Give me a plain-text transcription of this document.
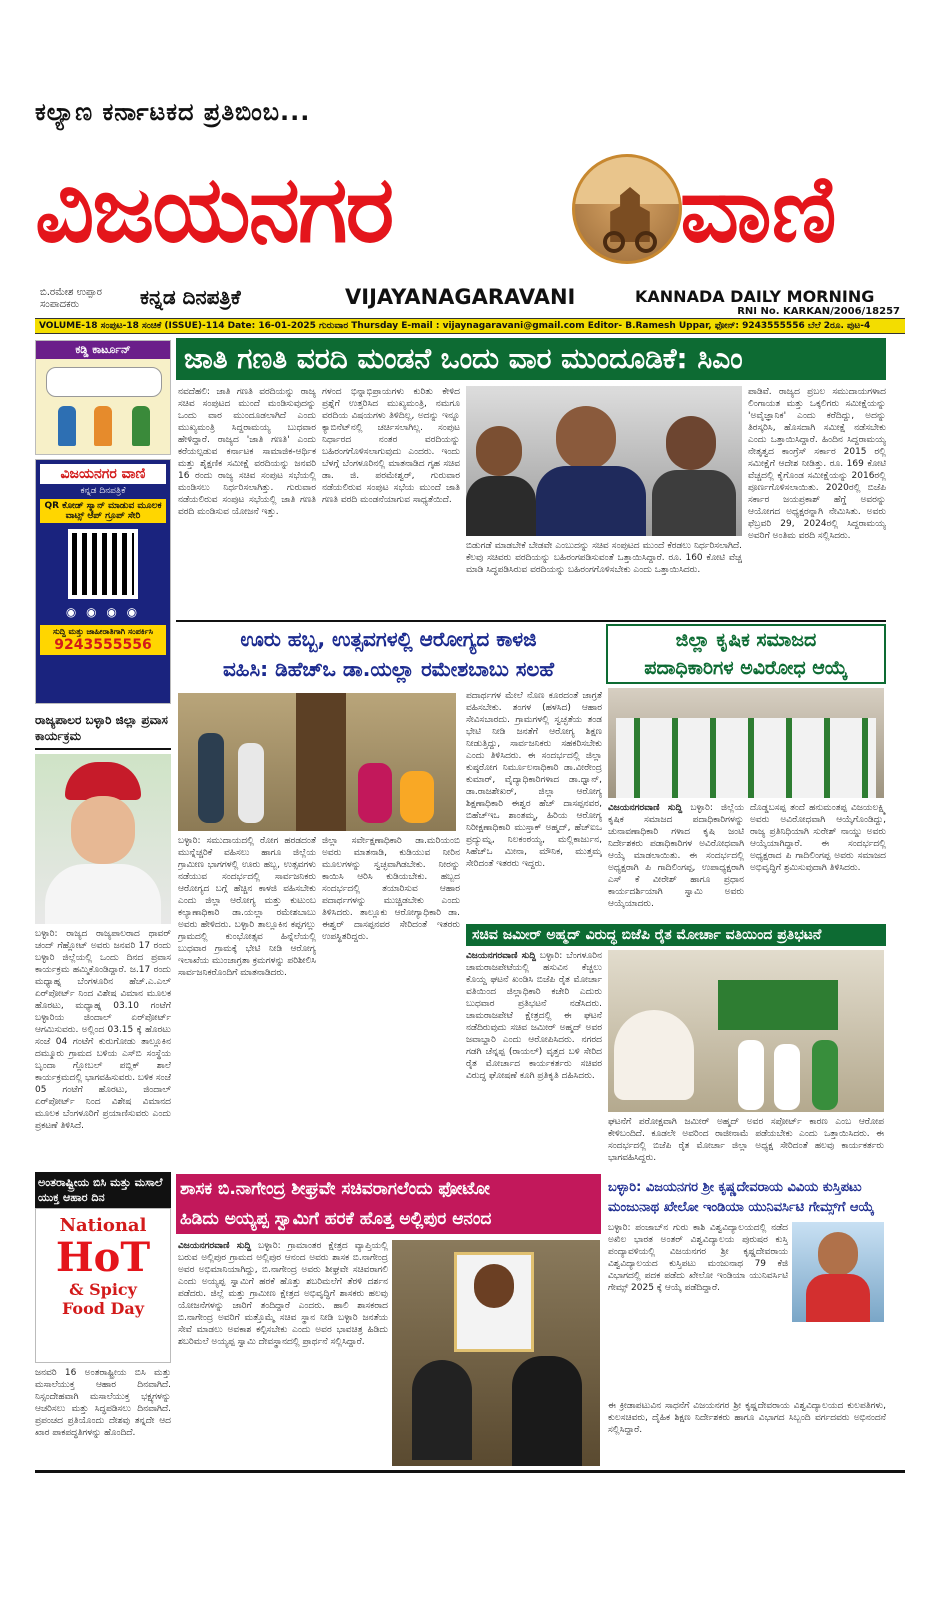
ಕಲ್ಯಾಣ ಕರ್ನಾಟಕದ ಪ್ರತಿಬಿಂಬ...
ವಿಜಯನಗರ	ವಾಣಿ
ಬಿ.ರಮೇಶ ಉಪ್ಪಾರ ಸಂಪಾದಕರು	ಕನ್ನಡ ದಿನಪತ್ರಿಕೆ	VIJAYANAGARAVANI	KANNADA DAILY MORNING
RNI No. KARKAN/2006/18257
VOLUME-18 ಸಂಪುಟ-18 ಸಂಚಿಕೆ (ISSUE)-114 Date: 16-01-2025 ಗುರುವಾರ Thursday E-mail : vijaynagaravani@gmail.com Editor- B.Ramesh Uppar, ಫೋನ್: 9243555556 ಬೆಲೆ 2ರೂ. ಪುಟ-4
ಕಡ್ಡಿ ಕಾರ್ಟೂನ್
ವಿಜಯನಗರ ವಾಣಿ
ಕನ್ನಡ ದಿನಪತ್ರಿಕೆ
QR ಕೋಡ್ ಸ್ಕ್ಯಾನ್ ಮಾಡುವ ಮೂಲಕ ವಾಟ್ಸ್ ಆಪ್ ಗ್ರೂಪ್ ಸೇರಿ
◉ ◉ ◉ ◉
ಸುದ್ದಿ ಮತ್ತು ಜಾಹೀರಾತಿಗಾಗಿ ಸಂಪರ್ಕಿಸಿ
9243555556
ರಾಜ್ಯಪಾಲರ ಬಳ್ಳಾರಿ ಜಿಲ್ಲಾ ಪ್ರವಾಸ ಕಾರ್ಯಕ್ರಮ
ಬಳ್ಳಾರಿ: ರಾಜ್ಯದ ರಾಜ್ಯಪಾಲರಾದ ಥಾವರ್ ಚಂದ್ ಗೆಹ್ಲೋಟ್ ಅವರು ಜನವರಿ 17 ರಂದು ಬಳ್ಳಾರಿ ಜಿಲ್ಲೆಯಲ್ಲಿ ಒಂದು ದಿನದ ಪ್ರವಾಸ ಕಾರ್ಯಕ್ರಮ ಹಮ್ಮಿಕೊಂಡಿದ್ದಾರೆ. ಜ.17 ರಂದು ಮಧ್ಯಾಹ್ನ ಬೆಂಗಳೂರಿನ ಹೆಚ್.ಎ.ಎಲ್ ಏರ್‌ಪೋರ್ಟ್ ನಿಂದ ವಿಶೇಷ ವಿಮಾನ ಮೂಲಕ ಹೊರಟು, ಮಧ್ಯಾಹ್ನ 03.10 ಗಂಟೆಗೆ ಬಳ್ಳಾರಿಯ ಜಿಂದಾಲ್ ಏರ್‌ಪೋರ್ಟ್ ಆಗಮಿಸುವರು. ಅಲ್ಲಿಂದ 03.15 ಕ್ಕೆ ಹೊರಟು ಸಂಜೆ 04 ಗಂಟೆಗೆ ಕುರುಗೋಡು ತಾಲ್ಲೂಕಿನ ದಮ್ಮೂರು ಗ್ರಾಮದ ಬಳಿಯ ಎಸ್‌ಬಿ ಸಂಸ್ಥೆಯ ಬೃಂದಾ ಗ್ಲೋಬಲ್ ಪಬ್ಲಿಕ್ ಶಾಲೆ ಕಾರ್ಯಕ್ರಮದಲ್ಲಿ ಭಾಗವಹಿಸುವರು. ಬಳಿಕ ಸಂಜೆ 05 ಗಂಟೆಗೆ ಹೊರಟು, ಜಿಂದಾಲ್ ಏರ್‌ಪೋರ್ಟ್ ನಿಂದ ವಿಶೇಷ ವಿಮಾನದ ಮೂಲಕ ಬೆಂಗಳೂರಿಗೆ ಪ್ರಯಾಣಿಸುವರು ಎಂದು ಪ್ರಕಟಣೆ ತಿಳಿಸಿದೆ.
ಅಂತರಾಷ್ಟ್ರೀಯ ಬಿಸಿ ಮತ್ತು ಮಸಾಲೆ ಯುಕ್ತ ಆಹಾರ ದಿನ
National
HoT
& Spicy
Food Day
ಜನವರಿ 16 ಅಂತರಾಷ್ಟ್ರೀಯ ಬಿಸಿ ಮತ್ತು ಮಸಾಲೆಯುಕ್ತ ಆಹಾರ ದಿನವಾಗಿದೆ. ನಿಸ್ಸಂದೇಹವಾಗಿ ಮಸಾಲೆಯುಕ್ತ ಭಕ್ಷ್ಯಗಳನ್ನು ಆಚರಿಸಲು ಮತ್ತು ಸಿದ್ಧಪಡಿಸಲು ದಿನವಾಗಿದೆ. ಪ್ರಪಂಚದ ಪ್ರತಿಯೊಂದು ದೇಶವು ತನ್ನದೇ ಆದ ಖಾರ ಪಾಕಪದ್ಧತಿಗಳನ್ನು ಹೊಂದಿದೆ.
ಜಾತಿ ಗಣತಿ ವರದಿ ಮಂಡನೆ ಒಂದು ವಾರ ಮುಂದೂಡಿಕೆ: ಸಿಎಂ
ನವದೆಹಲಿ: ಜಾತಿ ಗಣತಿ ವರದಿಯನ್ನು ರಾಜ್ಯ ಸಚಿವ ಸಂಪುಟದ ಮುಂದೆ ಮಂಡಿಸುವುದನ್ನು ಒಂದು ವಾರ ಮುಂದೂಡಲಾಗಿದೆ ಎಂದು ಮುಖ್ಯಮಂತ್ರಿ ಸಿದ್ದರಾಮಯ್ಯ ಬುಧವಾರ ಹೇಳಿದ್ದಾರೆ. ರಾಜ್ಯದ 'ಜಾತಿ ಗಣತಿ' ಎಂದು ಕರೆಯಲ್ಪಡುವ ಕರ್ನಾಟಕ ಸಾಮಾಜಿಕ-ಆರ್ಥಿಕ ಮತ್ತು ಶೈಕ್ಷಣಿಕ ಸಮೀಕ್ಷೆ ವರದಿಯನ್ನು ಜನವರಿ 16 ರಂದು ರಾಜ್ಯ ಸಚಿವ ಸಂಪುಟ ಸಭೆಯಲ್ಲಿ ಮಂಡಿಸಲು ನಿರ್ಧರಿಸಲಾಗಿತ್ತು. ಗುರುವಾರ ನಡೆಯಲಿರುವ ಸಂಪುಟ ಸಭೆಯಲ್ಲಿ ಜಾತಿ ಗಣತಿ ವರದಿ ಮಂಡಿಸುವ ಯೋಜನೆ ಇತ್ತು.
ಗಳಂದ ಭಿನ್ನಾಭಿಪ್ರಾಯಗಳು ಕುರಿತು ಕೇಳಿದ ಪ್ರಶ್ನೆಗೆ ಉತ್ತರಿಸಿದ ಮುಖ್ಯಮಂತ್ರಿ, ನಮಗೂ ವರದಿಯ ವಿಷಯಗಳು ತಿಳಿದಿಲ್ಲ, ಅದನ್ನು ಇನ್ನೂ ಕ್ಯಾಬಿನೆಟ್‌ನಲ್ಲಿ ಚರ್ಚಿಸಲಾಗಿಲ್ಲ. ಸಂಪುಟ ನಿರ್ಧಾರದ ನಂತರ ವರದಿಯನ್ನು ಬಹಿರಂಗಗೊಳಿಸಲಾಗುವುದು ಎಂದರು. ಇಂದು ಬೆಳಗ್ಗೆ ಬೆಂಗಳೂರಿನಲ್ಲಿ ಮಾತನಾಡಿದ ಗೃಹ ಸಚಿವ ಡಾ. ಜಿ. ಪರಮೇಶ್ವರ್, ಗುರುವಾರ ನಡೆಯಲಿರುವ ಸಂಪುಟ ಸಭೆಯ ಮುಂದೆ ಜಾತಿ ಗಣತಿ ವರದಿ ಮಂಡನೆಯಾಗುವ ಸಾಧ್ಯತೆಯಿದೆ.
ಬಿಡುಗಡೆ ಮಾಡಬೇಕೆ ಬೇಡವೇ ಎಂಬುದನ್ನು ಸಚಿವ ಸಂಪುಟದ ಮುಂದೆ ಕೆರಡಲು ನಿರ್ಧರಿಸಲಾಗಿದೆ. ಕೆಲವು ಸಚಿವರು ವರದಿಯನ್ನು ಬಹಿರಂಗಪಡಿಸುವಂತೆ ಒತ್ತಾಯಿಸಿದ್ದಾರೆ. ರೂ. 160 ಕೋಟಿ ವೆಚ್ಚ ಮಾಡಿ ಸಿದ್ಧಪಡಿಸಿರುವ ವರದಿಯನ್ನು ಬಹಿರಂಗಗೊಳಿಸಬೇಕು ಎಂದು ಒತ್ತಾಯಿಸಿದರು.
ಪಾಡಿವೆ. ರಾಜ್ಯದ ಪ್ರಬಲ ಸಮುದಾಯಗಳಾದ ಲಿಂಗಾಯತ ಮತ್ತು ಒಕ್ಕಲಿಗರು ಸಮೀಕ್ಷೆಯನ್ನು 'ಅವೈಜ್ಞಾನಿಕ' ಎಂದು ಕರೆದಿದ್ದು, ಅದನ್ನು ತಿರಸ್ಕರಿಸಿ, ಹೊಸದಾಗಿ ಸಮೀಕ್ಷೆ ನಡೆಸಬೇಕು ಎಂದು ಒತ್ತಾಯಿಸಿದ್ದಾರೆ. ಹಿಂದಿನ ಸಿದ್ದರಾಮಯ್ಯ ನೇತೃತ್ವದ ಕಾಂಗ್ರೆಸ್ ಸರ್ಕಾರ 2015 ರಲ್ಲಿ ಸಮೀಕ್ಷೆಗೆ ಆದೇಶ ನೀಡಿತ್ತು. ರೂ. 169 ಕೋಟಿ ವೆಚ್ಚದಲ್ಲಿ ಕೈಗೊಂಡ ಸಮೀಕ್ಷೆಯನ್ನು 2016ರಲ್ಲಿ ಪೂರ್ಣಗೊಳಿಸಲಾಯಿತು. 2020ರಲ್ಲಿ ಬಿಜೆಪಿ ಸರ್ಕಾರ ಜಯಪ್ರಕಾಶ್ ಹೆಗ್ಡೆ ಅವರನ್ನು ಆಯೋಗದ ಅಧ್ಯಕ್ಷರನ್ನಾಗಿ ನೇಮಿಸಿತು. ಅವರು ಫೆಬ್ರವರಿ 29, 2024ರಲ್ಲಿ ಸಿದ್ದರಾಮಯ್ಯ ಅವರಿಗೆ ಅಂತಿಮ ವರದಿ ಸಲ್ಲಿಸಿದರು.
ಊರು ಹಬ್ಬ, ಉತ್ಸವಗಳಲ್ಲಿ ಆರೋಗ್ಯದ ಕಾಳಜಿ
ವಹಿಸಿ: ಡಿಹೆಚ್‌ಒ ಡಾ.ಯಲ್ಲಾ ರಮೇಶಬಾಬು ಸಲಹೆ
ಬಳ್ಳಾರಿ: ಸಮುದಾಯದಲ್ಲಿ ರೋಗ ಹರಡದಂತೆ ಮುನ್ನೆಚ್ಚರಿಕೆ ವಹಿಸಲು ಹಾಗೂ ಜಿಲ್ಲೆಯ ಗ್ರಾಮೀಣ ಭಾಗಗಳಲ್ಲಿ ಊರು ಹಬ್ಬ, ಉತ್ಸವಗಳು ನಡೆಯುವ ಸಂದರ್ಭದಲ್ಲಿ ಸಾರ್ವಜನಿಕರು ಆರೋಗ್ಯದ ಬಗ್ಗೆ ಹೆಚ್ಚಿನ ಕಾಳಜಿ ವಹಿಸಬೇಕು ಎಂದು ಜಿಲ್ಲಾ ಆರೋಗ್ಯ ಮತ್ತು ಕುಟುಂಬ ಕಲ್ಯಾಣಾಧಿಕಾರಿ ಡಾ.ಯಲ್ಲಾ ರಮೇಶಬಾಬು ಅವರು ಹೇಳಿದರು. ಬಳ್ಳಾರಿ ತಾಲ್ಲೂಕಿನ ಕಪ್ಪಗಲ್ಲು ಗ್ರಾಮದಲ್ಲಿ ಕುಂಭೋತ್ಸವ ಹಿನ್ನೆಲೆಯಲ್ಲಿ ಬುಧವಾರ ಗ್ರಾಮಕ್ಕೆ ಭೇಟಿ ನೀಡಿ ಆರೋಗ್ಯ ಇಲಾಖೆಯ ಮುಂಜಾಗ್ರತಾ ಕ್ರಮಗಳನ್ನು ಪರಿಶೀಲಿಸಿ ಸಾರ್ವಜನಿಕರೊಂದಿಗೆ ಮಾತನಾಡಿದರು.
ಜಿಲ್ಲಾ ಸರ್ವೇಕ್ಷಣಾಧಿಕಾರಿ ಡಾ.ಮರಿಯಂಬಿ ಅವರು ಮಾತನಾಡಿ, ಕುಡಿಯುವ ನೀರಿನ ಮೂಲಗಳನ್ನು ಸ್ವಚ್ಛವಾಗಿಡಬೇಕು. ನೀರನ್ನು ಕಾಯಿಸಿ ಆರಿಸಿ ಕುಡಿಯಬೇಕು. ಹಬ್ಬದ ಸಂದರ್ಭದಲ್ಲಿ ತಯಾರಿಸುವ ಆಹಾರ ಪದಾರ್ಥಗಳನ್ನು ಮುಚ್ಚಿಡಬೇಕು ಎಂದು ತಿಳಿಸಿದರು. ತಾಲ್ಲೂಕು ಆರೋಗ್ಯಾಧಿಕಾರಿ ಡಾ. ಈಶ್ವರ್ ದಾಸಪ್ಪನವರ ಸೇರಿದಂತೆ ಇತರರು ಉಪಸ್ಥಿತರಿದ್ದರು.
ಪದಾರ್ಥಗಳ ಮೇಲೆ ನೊಣ ಕೂರದಂತೆ ಜಾಗ್ರತೆ ವಹಿಸಬೇಕು. ತಂಗಳ (ಹಳಸಿದ) ಆಹಾರ ಸೇವಿಸಬಾರದು. ಗ್ರಾಮಗಳಲ್ಲಿ ಸ್ವಚ್ಛತೆಯ ತಂಡ ಭೇಟಿ ನೀಡಿ ಜನತೆಗೆ ಆರೋಗ್ಯ ಶಿಕ್ಷಣ ನೀಡುತ್ತಿದ್ದು, ಸಾರ್ವಜನಿಕರು ಸಹಕರಿಸಬೇಕು ಎಂದು ತಿಳಿಸಿದರು. ಈ ಸಂದರ್ಭದಲ್ಲಿ ಜಿಲ್ಲಾ ಕುಷ್ಠರೋಗ ನಿರ್ಮೂಲನಾಧಿಕಾರಿ ಡಾ.ವೀರೇಂದ್ರ ಕುಮಾರ್, ವೈದ್ಯಾಧಿಕಾರಿಗಳಾದ ಡಾ.ಧ್ವಾನ್, ಡಾ.ರಾಜಶೇಖರ್, ಜಿಲ್ಲಾ ಆರೋಗ್ಯ ಶಿಕ್ಷಣಾಧಿಕಾರಿ ಈಶ್ವರ ಹೆಚ್ ದಾಸಪ್ಪನವರ, ಬಿಹೆಚ್‌ಇಒ ಶಾಂತಮ್ಮ, ಹಿರಿಯ ಆರೋಗ್ಯ ನಿರೀಕ್ಷಣಾಧಿಕಾರಿ ಮುಸ್ತಾಕ್ ಅಹ್ಮದ್, ಹೆಚ್‌ಐಒ ಪ್ರದ್ಯುಮ್ನ, ನಿಲಕಂಠಯ್ಯ, ಮಲ್ಲಿಕಾರ್ಜುನ, ಸಿಹೆಚ್‌ಒ ಮೀನಾ, ಮೌನಿಕ, ಮುತ್ತಮ್ಮ ಸೇರಿದಂತೆ ಇತರರು ಇದ್ದರು.
ಜಿಲ್ಲಾ ಕೃಷಿಕ ಸಮಾಜದ
ಪದಾಧಿಕಾರಿಗಳ ಅವಿರೋಧ ಆಯ್ಕೆ
ವಿಜಯನಗರವಾಣಿ ಸುದ್ದಿ ಬಳ್ಳಾರಿ: ಜಿಲ್ಲೆಯ ಕೃಷಿಕ ಸಮಾಜದ ಪದಾಧಿಕಾರಿಗಳನ್ನು ಚುನಾವಣಾಧಿಕಾರಿ ಗಳಾದ ಕೃಷಿ ಜಂಟಿ ನಿರ್ದೇಶಕರು ಪಡಾಧಿಕಾರಿಗಳ ಅವಿರೋಧವಾಗಿ ಆಯ್ಕೆ ಮಾಡಲಾಯಿತು. ಈ ಸಂದರ್ಭದಲ್ಲಿ ಅಧ್ಯಕ್ಷರಾಗಿ ಪಿ ಗಾದಿಲಿಂಗಪ್ಪ, ಉಪಾಧ್ಯಕ್ಷರಾಗಿ ಎಸ್ ಕೆ ವೀರೇಶ್ ಹಾಗೂ ಪ್ರಧಾನ ಕಾರ್ಯದರ್ಶಿಯಾಗಿ ಸ್ವಾಮಿ ಅವರು ಆಯ್ಕೆಯಾದರು.
ದೊಡ್ಡಬಸಪ್ಪ ತಂದೆ ಹನುಮಂತಪ್ಪ ವಿಜಯಲಕ್ಷ್ಮಿ ಅವರು ಅವಿರೋಧವಾಗಿ ಆಯ್ಕೆಗೊಂಡಿದ್ದು, ರಾಜ್ಯ ಪ್ರತಿನಿಧಿಯಾಗಿ ಸುರೇಶ್ ನಾಯ್ಡು ಅವರು ಆಯ್ಕೆಯಾಗಿದ್ದಾರೆ. ಈ ಸಂದರ್ಭದಲ್ಲಿ ಅಧ್ಯಕ್ಷರಾದ ಪಿ ಗಾದಿಲಿಂಗಪ್ಪ ಅವರು ಸಮಾಜದ ಅಭಿವೃದ್ಧಿಗೆ ಶ್ರಮಿಸುವುದಾಗಿ ತಿಳಿಸಿದರು.
ಸಚಿವ ಜಮೀರ್ ಅಹ್ಮದ್ ವಿರುದ್ಧ ಬಿಜೆಪಿ ರೈತ ಮೋರ್ಚಾ ವತಿಯಿಂದ ಪ್ರತಿಭಟನೆ
ವಿಜಯನಗರವಾಣಿ ಸುದ್ದಿ ಬಳ್ಳಾರಿ: ಬೆಂಗಳೂರಿನ ಚಾಮರಾಜಪೇಟೆಯಲ್ಲಿ ಹಸುವಿನ ಕೆಚ್ಚಲು ಕೊಯ್ದ ಘಟನೆ ಖಂಡಿಸಿ ಬಿಜೆಪಿ ರೈತ ಮೋರ್ಚಾ ವತಿಯಿಂದ ಜಿಲ್ಲಾಧಿಕಾರಿ ಕಚೇರಿ ಎದುರು ಬುಧವಾರ ಪ್ರತಿಭಟನೆ ನಡೆಸಿದರು. ಚಾಮರಾಜಪೇಟೆ ಕ್ಷೇತ್ರದಲ್ಲಿ ಈ ಘಟನೆ ನಡೆದಿರುವುದು ಸಚಿವ ಜಮೀರ್ ಅಹ್ಮದ್ ಅವರ ಜವಾಬ್ದಾರಿ ಎಂದು ಆರೋಪಿಸಿದರು. ನಗರದ ಗಡಗಿ ಚೆನ್ನಪ್ಪ (ರಾಯಲ್) ವೃತ್ತದ ಬಳಿ ಸೇರಿದ ರೈತ ಮೋರ್ಚಾದ ಕಾರ್ಯಕರ್ತರು ಸಚಿವರ ವಿರುದ್ಧ ಘೋಷಣೆ ಕೂಗಿ ಪ್ರತಿಕೃತಿ ದಹಿಸಿದರು.
ಘಟನೆಗೆ ಪರೋಕ್ಷವಾಗಿ ಜಮೀರ್ ಅಹ್ಮದ್ ಅವರ ಸಪೋರ್ಟ್ ಕಾರಣ ಎಂಬ ಆರೋಪ ಕೇಳಿಬಂದಿದೆ. ಕೂಡಲೇ ಅವರಿಂದ ರಾಜೀನಾಮೆ ಪಡೆಯಬೇಕು ಎಂದು ಒತ್ತಾಯಿಸಿದರು. ಈ ಸಂದರ್ಭದಲ್ಲಿ ಬಿಜೆಪಿ ರೈತ ಮೋರ್ಚಾ ಜಿಲ್ಲಾ ಅಧ್ಯಕ್ಷ ಸೇರಿದಂತೆ ಹಲವು ಕಾರ್ಯಕರ್ತರು ಭಾಗವಹಿಸಿದ್ದರು.
ಶಾಸಕ ಬಿ.ನಾಗೇಂದ್ರ ಶೀಘ್ರವೇ ಸಚಿವರಾಗಲೆಂದು ಫೋಟೋ
ಹಿಡಿದು ಅಯ್ಯಪ್ಪ ಸ್ವಾಮಿಗೆ ಹರಕೆ ಹೊತ್ತ ಅಲ್ಲಿಪುರ ಆನಂದ
ವಿಜಯನಗರವಾಣಿ ಸುದ್ದಿ ಬಳ್ಳಾರಿ: ಗ್ರಾಮಾಂತರ ಕ್ಷೇತ್ರದ ವ್ಯಾಪ್ತಿಯಲ್ಲಿ ಬರುವ ಅಲ್ಲಿಪುರ ಗ್ರಾಮದ ಅಲ್ಲಿಪುರ ಆನಂದ ಅವರು ಶಾಸಕ ಬಿ.ನಾಗೇಂದ್ರ ಅವರ ಅಭಿಮಾನಿಯಾಗಿದ್ದು, ಬಿ.ನಾಗೇಂದ್ರ ಅವರು ಶೀಘ್ರವೇ ಸಚಿವರಾಗಲಿ ಎಂದು ಅಯ್ಯಪ್ಪ ಸ್ವಾಮಿಗೆ ಹರಕೆ ಹೊತ್ತು ಶಬರಿಮಲೆಗೆ ತೆರಳಿ ದರ್ಶನ ಪಡೆದರು. ಜಿಲ್ಲೆ ಮತ್ತು ಗ್ರಾಮೀಣ ಕ್ಷೇತ್ರದ ಅಭಿವೃದ್ಧಿಗೆ ಶಾಸಕರು ಹಲವು ಯೋಜನೆಗಳನ್ನು ಜಾರಿಗೆ ತಂದಿದ್ದಾರೆ ಎಂದರು. ಹಾಲಿ ಶಾಸಕರಾದ ಬಿ.ನಾಗೇಂದ್ರ ಅವರಿಗೆ ಮತ್ತೊಮ್ಮೆ ಸಚಿವ ಸ್ಥಾನ ನೀಡಿ ಬಳ್ಳಾರಿ ಜನತೆಯ ಸೇವೆ ಮಾಡಲು ಅವಕಾಶ ಕಲ್ಪಿಸಬೇಕು ಎಂದು ಅವರ ಭಾವಚಿತ್ರ ಹಿಡಿದು ಶಬರಿಮಲೆ ಅಯ್ಯಪ್ಪ ಸ್ವಾಮಿ ದೇವಸ್ಥಾನದಲ್ಲಿ ಪ್ರಾರ್ಥನೆ ಸಲ್ಲಿಸಿದ್ದಾರೆ.
ಬಳ್ಳಾರಿ: ವಿಜಯನಗರ ಶ್ರೀ ಕೃಷ್ಣದೇವರಾಯ ವಿವಿಯ ಕುಸ್ತಿಪಟು
ಮಂಜುನಾಥ ಖೇಲೋ ಇಂಡಿಯಾ ಯುನಿವರ್ಸಿಟಿ ಗೇಮ್ಸ್‌ಗೆ ಆಯ್ಕೆ
ಬಳ್ಳಾರಿ: ಪಂಜಾಬ್‌ನ ಗುರು ಕಾಶಿ ವಿಶ್ವವಿದ್ಯಾಲಯದಲ್ಲಿ ನಡೆದ ಅಖಿಲ ಭಾರತ ಅಂತರ್ ವಿಶ್ವವಿದ್ಯಾಲಯ ಪುರುಷರ ಕುಸ್ತಿ ಪಂದ್ಯಾವಳಿಯಲ್ಲಿ ವಿಜಯನಗರ ಶ್ರೀ ಕೃಷ್ಣದೇವರಾಯ ವಿಶ್ವವಿದ್ಯಾಲಯದ ಕುಸ್ತಿಪಟು ಮಂಜುನಾಥ 79 ಕೆಜಿ ವಿಭಾಗದಲ್ಲಿ ಪದಕ ಪಡೆದು ಖೇಲೋ ಇಂಡಿಯಾ ಯುನಿವರ್ಸಿಟಿ ಗೇಮ್ಸ್ 2025 ಕ್ಕೆ ಆಯ್ಕೆ ಪಡೆದಿದ್ದಾರೆ.
ಈ ಕ್ರೀಡಾಪಟುವಿನ ಸಾಧನೆಗೆ ವಿಜಯನಗರ ಶ್ರೀ ಕೃಷ್ಣದೇವರಾಯ ವಿಶ್ವವಿದ್ಯಾಲಯದ ಕುಲಪತಿಗಳು, ಕುಲಸಚಿವರು, ದೈಹಿಕ ಶಿಕ್ಷಣ ನಿರ್ದೇಶಕರು ಹಾಗೂ ವಿಭಾಗದ ಸಿಬ್ಬಂದಿ ವರ್ಗದವರು ಅಭಿನಂದನೆ ಸಲ್ಲಿಸಿದ್ದಾರೆ.
